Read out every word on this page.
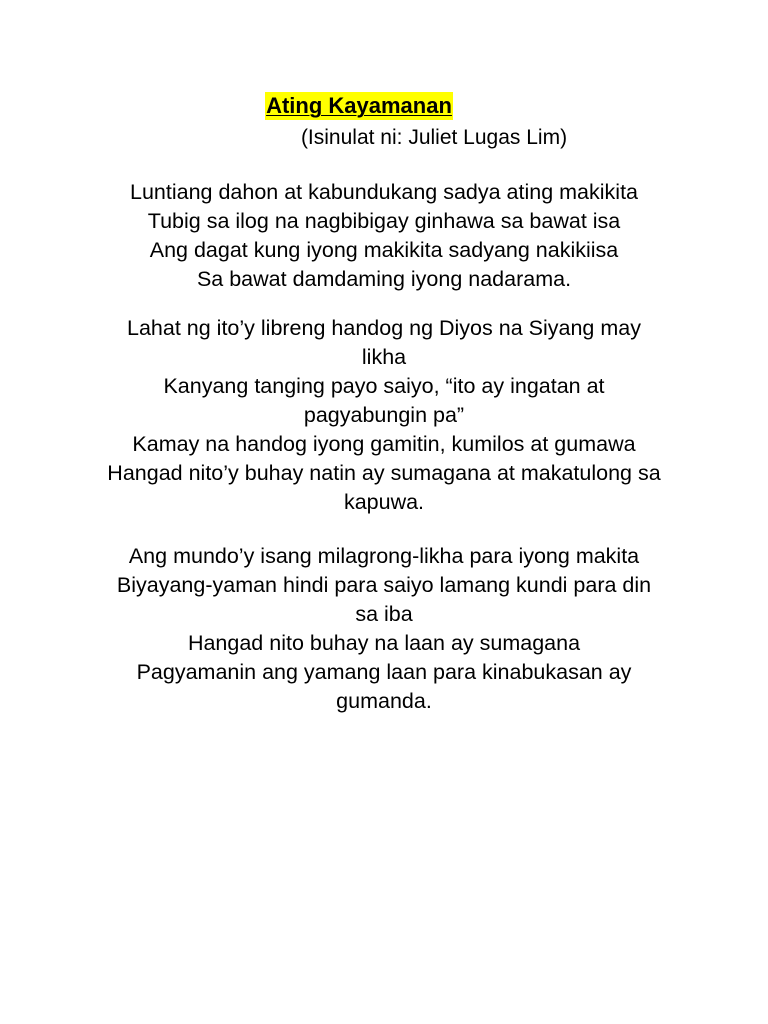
Ating Kayamanan
(Isinulat ni: Juliet Lugas Lim)
Luntiang dahon at kabundukang sadya ating makikita
Tubig sa ilog na nagbibigay ginhawa sa bawat isa
Ang dagat kung iyong makikita sadyang nakikiisa
Sa bawat damdaming iyong nadarama.
Lahat ng ito’y libreng handog ng Diyos na Siyang may likha
Kanyang tanging payo saiyo, “ito ay ingatan at pagyabungin pa”
Kamay na handog iyong gamitin, kumilos at gumawa
Hangad nito’y buhay natin ay sumagana at makatulong sa kapuwa.
Ang mundo’y isang milagrong-likha para iyong makita
Biyayang-yaman hindi para saiyo lamang kundi para din sa iba
Hangad nito buhay na laan ay sumagana
Pagyamanin ang yamang laan para kinabukasan ay gumanda.
